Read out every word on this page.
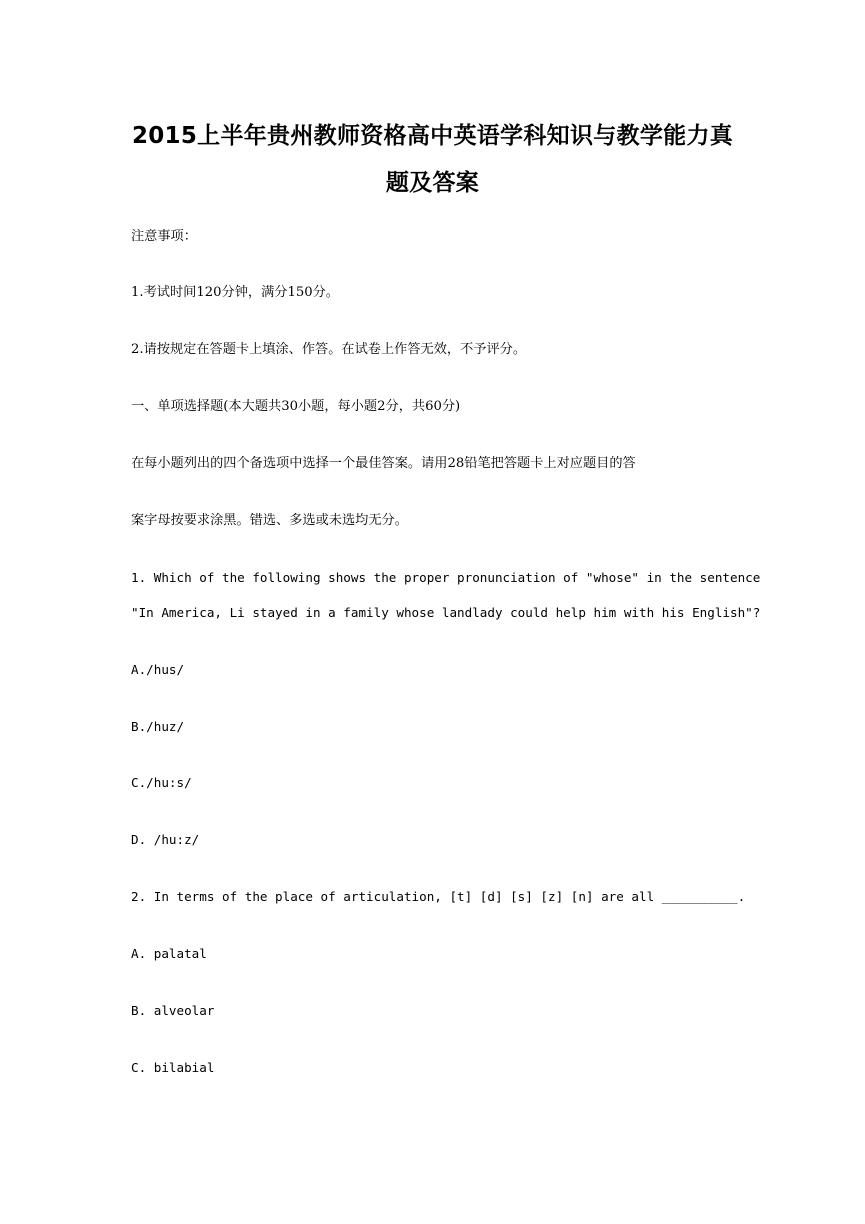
2015上半年贵州教师资格高中英语学科知识与教学能力真
题及答案
注意事项：
1.考试时间120分钟，满分150分。
2.请按规定在答题卡上填涂、作答。在试卷上作答无效，不予评分。
一、单项选择题(本大题共30小题，每小题2分，共60分)
在每小题列出的四个备选项中选择一个最佳答案。请用28铅笔把答题卡上对应题目的答
案字母按要求涂黑。错选、多选或未选均无分。
1. Which of the following shows the proper pronunciation of "whose" in the sentence
"In America, Li stayed in a family whose landlady could help him with his English"?
A./hus/
B./huz/
C./hu:s/
D. /hu:z/
2. In terms of the place of articulation, [t] [d] [s] [z] [n] are all __________.
A. palatal
B. alveolar
C. bilabial
